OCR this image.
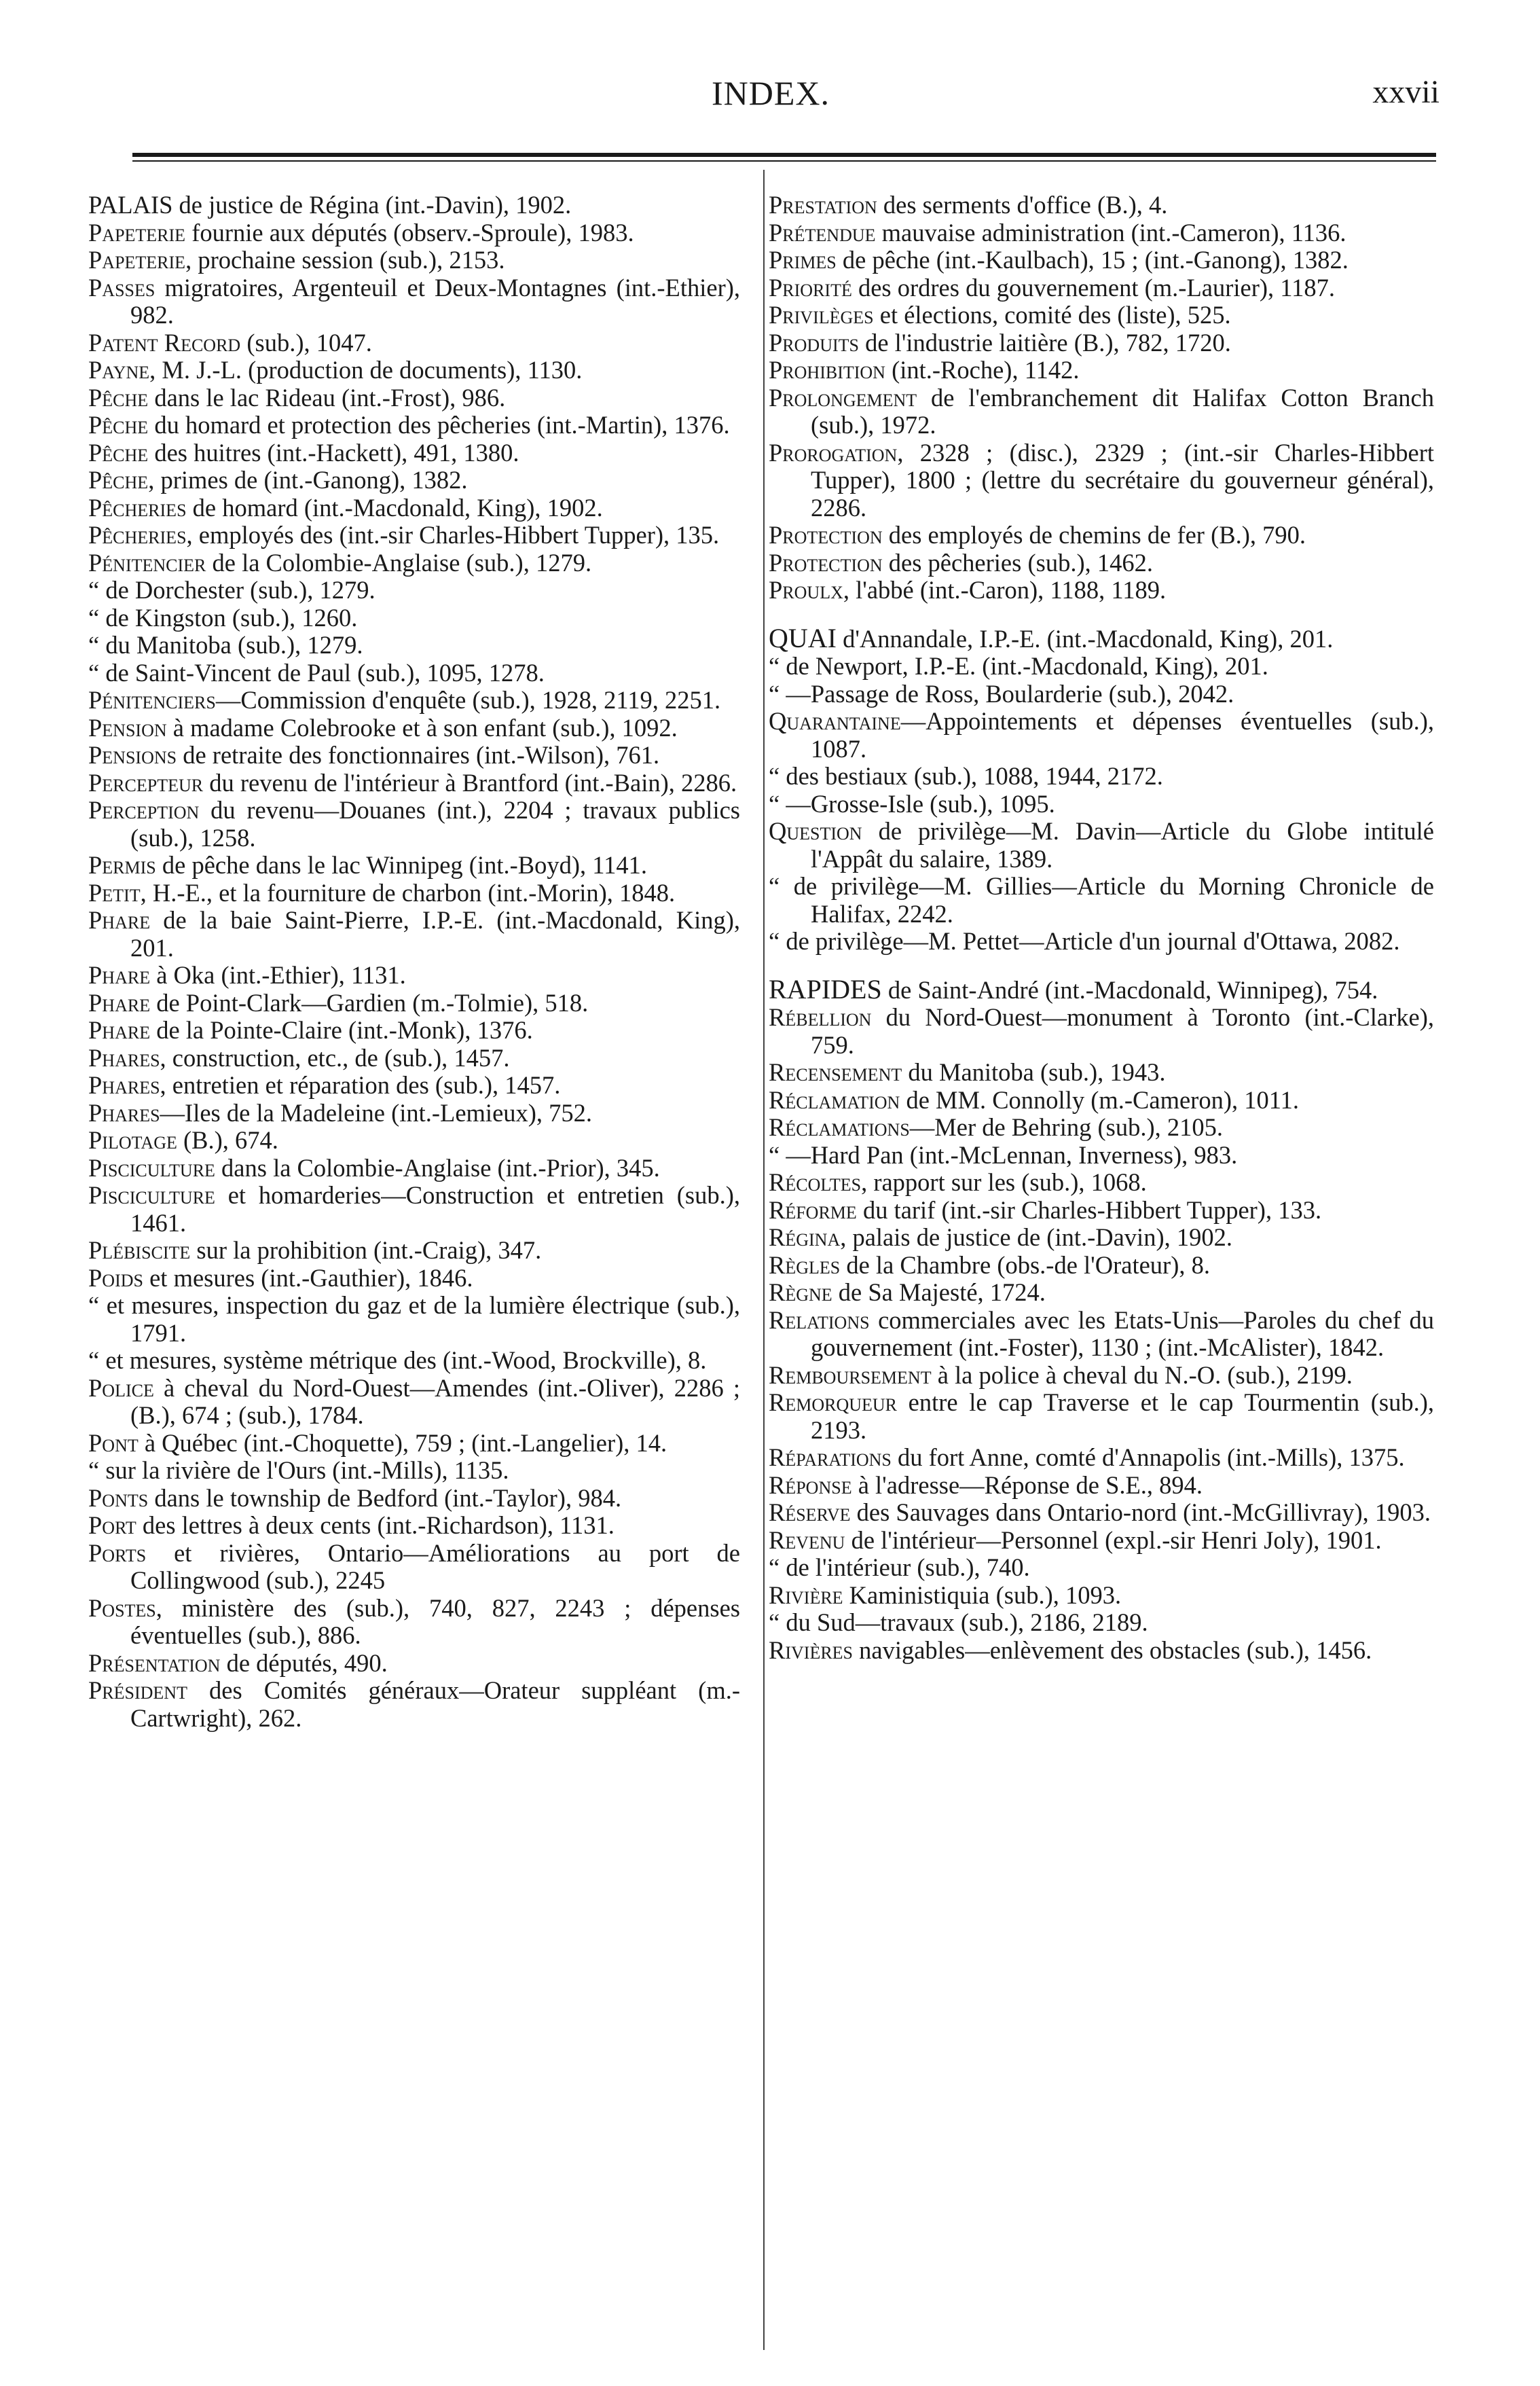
INDEX.	xxvii

PALAIS de justice de Régina (int.-Davin), 1902.

Papeterie fournie aux députés (observ.-Sproule), 1983.

Papeterie, prochaine session (sub.), 2153.

Passes migratoires, Argenteuil et Deux-Montagnes (int.-Ethier), 982.

Patent Record (sub.), 1047.

Payne, M. J.-L. (production de documents), 1130.

Pêche dans le lac Rideau (int.-Frost), 986.

Pêche du homard et protection des pêcheries (int.-Martin), 1376.

Pêche des huitres (int.-Hackett), 491, 1380.

Pêche, primes de (int.-Ganong), 1382.

Pêcheries de homard (int.-Macdonald, King), 1902.

Pêcheries, employés des (int.-sir Charles-Hibbert Tupper), 135.

Pénitencier de la Colombie-Anglaise (sub.), 1279.

“ de Dorchester (sub.), 1279.

“ de Kingston (sub.), 1260.

“ du Manitoba (sub.), 1279.

“ de Saint-Vincent de Paul (sub.), 1095, 1278.

Pénitenciers—Commission d'enquête (sub.), 1928, 2119, 2251.

Pension à madame Colebrooke et à son enfant (sub.), 1092.

Pensions de retraite des fonctionnaires (int.-Wilson), 761.

Percepteur du revenu de l'intérieur à Brantford (int.-Bain), 2286.

Perception du revenu—Douanes (int.), 2204 ; travaux publics (sub.), 1258.

Permis de pêche dans le lac Winnipeg (int.-Boyd), 1141.

Petit, H.-E., et la fourniture de charbon (int.-Morin), 1848.

Phare de la baie Saint-Pierre, I.P.-E. (int.-Macdonald, King), 201.

Phare à Oka (int.-Ethier), 1131.

Phare de Point-Clark—Gardien (m.-Tolmie), 518.

Phare de la Pointe-Claire (int.-Monk), 1376.

Phares, construction, etc., de (sub.), 1457.

Phares, entretien et réparation des (sub.), 1457.

Phares—Iles de la Madeleine (int.-Lemieux), 752.

Pilotage (B.), 674.

Pisciculture dans la Colombie-Anglaise (int.-Prior), 345.

Pisciculture et homarderies—Construction et entretien (sub.), 1461.

Plébiscite sur la prohibition (int.-Craig), 347.

Poids et mesures (int.-Gauthier), 1846.

“ et mesures, inspection du gaz et de la lumière électrique (sub.), 1791.

“ et mesures, système métrique des (int.-Wood, Brockville), 8.

Police à cheval du Nord-Ouest—Amendes (int.-Oliver), 2286 ; (B.), 674 ; (sub.), 1784.

Pont à Québec (int.-Choquette), 759 ; (int.-Langelier), 14.

“ sur la rivière de l'Ours (int.-Mills), 1135.

Ponts dans le township de Bedford (int.-Taylor), 984.

Port des lettres à deux cents (int.-Richardson), 1131.

Ports et rivières, Ontario—Améliorations au port de Collingwood (sub.), 2245

Postes, ministère des (sub.), 740, 827, 2243 ; dépenses éventuelles (sub.), 886.

Présentation de députés, 490.

Président des Comités généraux—Orateur suppléant (m.-Cartwright), 262.

Prestation des serments d'office (B.), 4.

Prétendue mauvaise administration (int.-Cameron), 1136.

Primes de pêche (int.-Kaulbach), 15 ; (int.-Ganong), 1382.

Priorité des ordres du gouvernement (m.-Laurier), 1187.

Privilèges et élections, comité des (liste), 525.

Produits de l'industrie laitière (B.), 782, 1720.

Prohibition (int.-Roche), 1142.

Prolongement de l'embranchement dit Halifax Cotton Branch (sub.), 1972.

Prorogation, 2328 ; (disc.), 2329 ; (int.-sir Charles-Hibbert Tupper), 1800 ; (lettre du secrétaire du gouverneur général), 2286.

Protection des employés de chemins de fer (B.), 790.

Protection des pêcheries (sub.), 1462.

Proulx, l'abbé (int.-Caron), 1188, 1189.

QUAI d'Annandale, I.P.-E. (int.-Macdonald, King), 201.

“ de Newport, I.P.-E. (int.-Macdonald, King), 201.

“ —Passage de Ross, Boularderie (sub.), 2042.

Quarantaine—Appointements et dépenses éventuelles (sub.), 1087.

“ des bestiaux (sub.), 1088, 1944, 2172.

“ —Grosse-Isle (sub.), 1095.

Question de privilège—M. Davin—Article du Globe intitulé l'Appât du salaire, 1389.

“ de privilège—M. Gillies—Article du Morning Chronicle de Halifax, 2242.

“ de privilège—M. Pettet—Article d'un journal d'Ottawa, 2082.

RAPIDES de Saint-André (int.-Macdonald, Winnipeg), 754.

Rébellion du Nord-Ouest—monument à Toronto (int.-Clarke), 759.

Recensement du Manitoba (sub.), 1943.

Réclamation de MM. Connolly (m.-Cameron), 1011.

Réclamations—Mer de Behring (sub.), 2105.

“ —Hard Pan (int.-McLennan, Inverness), 983.

Récoltes, rapport sur les (sub.), 1068.

Réforme du tarif (int.-sir Charles-Hibbert Tupper), 133.

Régina, palais de justice de (int.-Davin), 1902.

Règles de la Chambre (obs.-de l'Orateur), 8.

Règne de Sa Majesté, 1724.

Relations commerciales avec les Etats-Unis—Paroles du chef du gouvernement (int.-Foster), 1130 ; (int.-McAlister), 1842.

Remboursement à la police à cheval du N.-O. (sub.), 2199.

Remorqueur entre le cap Traverse et le cap Tourmentin (sub.), 2193.

Réparations du fort Anne, comté d'Annapolis (int.-Mills), 1375.

Réponse à l'adresse—Réponse de S.E., 894.

Réserve des Sauvages dans Ontario-nord (int.-McGillivray), 1903.

Revenu de l'intérieur—Personnel (expl.-sir Henri Joly), 1901.

“ de l'intérieur (sub.), 740.

Rivière Kaministiquia (sub.), 1093.

“ du Sud—travaux (sub.), 2186, 2189.

Rivières navigables—enlèvement des obstacles (sub.), 1456.
